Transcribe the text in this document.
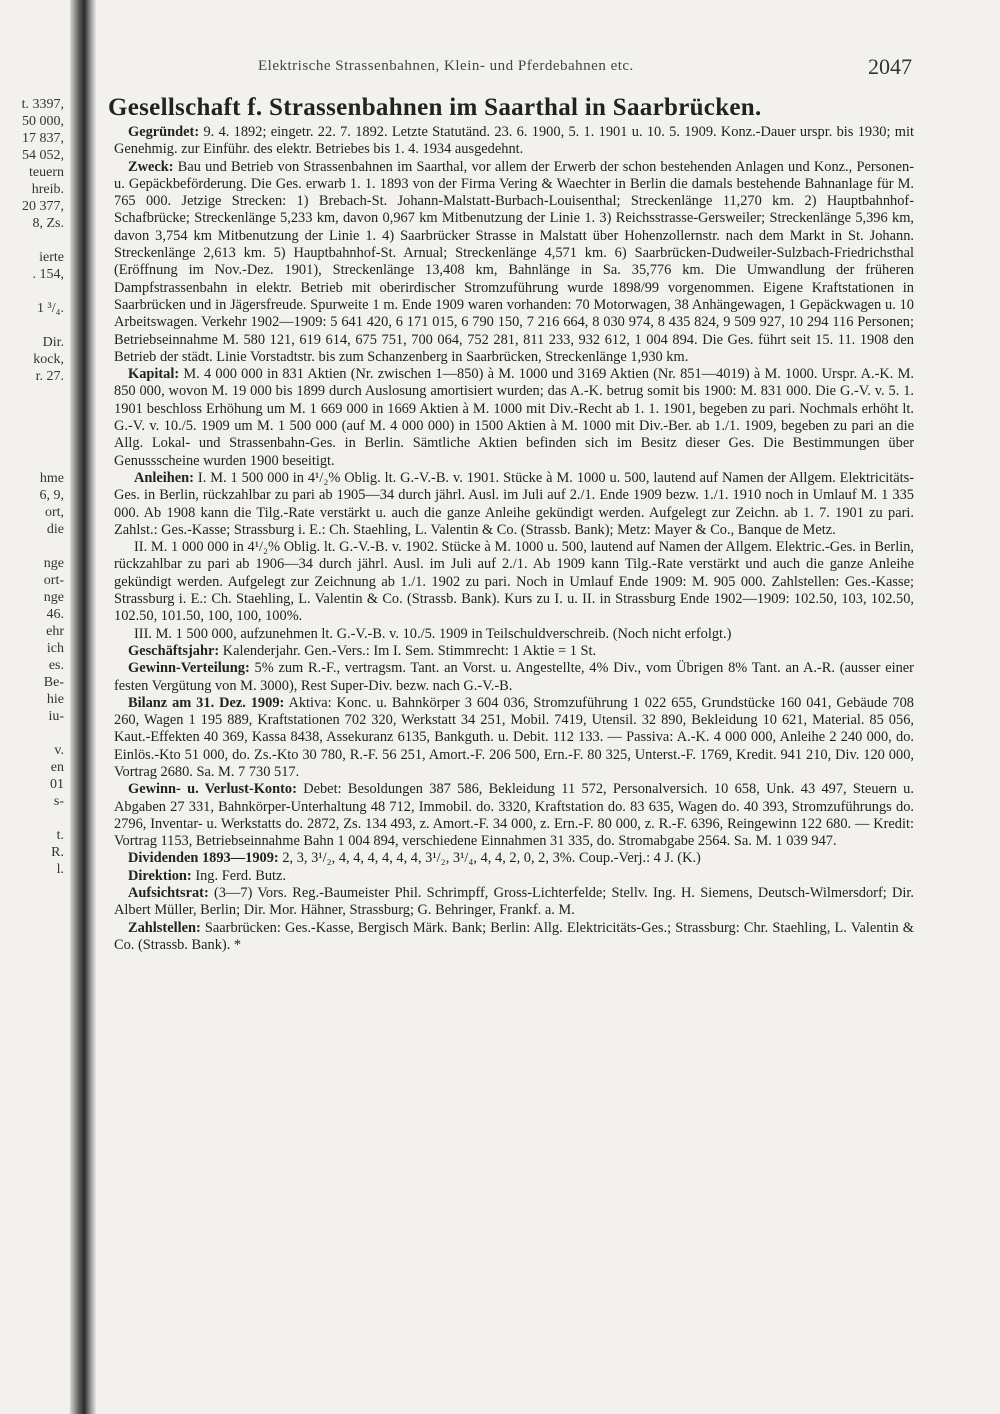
t. 3397,
50 000,
17 837,
54 052,
teuern
hreib.
20 377,
8, Zs.

ierte
. 154,

1 ³/₄.

Dir.
kock,
r. 27.

hme
6, 9,
ort,
die

nge
ort-
nge
46.
ehr
ich
es.
Be-
hie
iu-

v.
en
01
s-

t.
R.
l.
Elektrische Strassenbahnen, Klein- und Pferdebahnen etc.	2047
Gesellschaft f. Strassenbahnen im Saarthal in Saarbrücken.

Gegründet: 9. 4. 1892; eingetr. 22. 7. 1892. Letzte Statutänd. 23. 6. 1900, 5. 1. 1901 u. 10. 5. 1909. Konz.-Dauer urspr. bis 1930; mit Genehmig. zur Einführ. des elektr. Betriebes bis 1. 4. 1934 ausgedehnt.

Zweck: Bau und Betrieb von Strassenbahnen im Saarthal, vor allem der Erwerb der schon bestehenden Anlagen und Konz., Personen- u. Gepäckbeförderung. Die Ges. erwarb 1. 1. 1893 von der Firma Vering & Waechter in Berlin die damals bestehende Bahnanlage für M. 765 000. Jetzige Strecken: 1) Brebach-St. Johann-Malstatt-Burbach-Louisenthal; Streckenlänge 11,270 km. 2) Hauptbahnhof-Schafbrücke; Streckenlänge 5,233 km, davon 0,967 km Mitbenutzung der Linie 1. 3) Reichsstrasse-Gersweiler; Streckenlänge 5,396 km, davon 3,754 km Mitbenutzung der Linie 1. 4) Saarbrücker Strasse in Malstatt über Hohenzollernstr. nach dem Markt in St. Johann. Streckenlänge 2,613 km. 5) Hauptbahnhof-St. Arnual; Streckenlänge 4,571 km. 6) Saarbrücken-Dudweiler-Sulzbach-Friedrichsthal (Eröffnung im Nov.-Dez. 1901), Streckenlänge 13,408 km, Bahnlänge in Sa. 35,776 km. Die Umwandlung der früheren Dampfstrassenbahn in elektr. Betrieb mit oberirdischer Stromzuführung wurde 1898/99 vorgenommen. Eigene Kraftstationen in Saarbrücken und in Jägersfreude. Spurweite 1 m. Ende 1909 waren vorhanden: 70 Motorwagen, 38 Anhängewagen, 1 Gepäckwagen u. 10 Arbeitswagen. Verkehr 1902—1909: 5 641 420, 6 171 015, 6 790 150, 7 216 664, 8 030 974, 8 435 824, 9 509 927, 10 294 116 Personen; Betriebseinnahme M. 580 121, 619 614, 675 751, 700 064, 752 281, 811 233, 932 612, 1 004 894. Die Ges. führt seit 15. 11. 1908 den Betrieb der städt. Linie Vorstadtstr. bis zum Schanzenberg in Saarbrücken, Streckenlänge 1,930 km.

Kapital: M. 4 000 000 in 831 Aktien (Nr. zwischen 1—850) à M. 1000 und 3169 Aktien (Nr. 851—4019) à M. 1000. Urspr. A.-K. M. 850 000, wovon M. 19 000 bis 1899 durch Auslosung amortisiert wurden; das A.-K. betrug somit bis 1900: M. 831 000. Die G.-V. v. 5. 1. 1901 beschloss Erhöhung um M. 1 669 000 in 1669 Aktien à M. 1000 mit Div.-Recht ab 1. 1. 1901, begeben zu pari. Nochmals erhöht lt. G.-V. v. 10./5. 1909 um M. 1 500 000 (auf M. 4 000 000) in 1500 Aktien à M. 1000 mit Div.-Ber. ab 1./1. 1909, begeben zu pari an die Allg. Lokal- und Strassenbahn-Ges. in Berlin. Sämtliche Aktien befinden sich im Besitz dieser Ges. Die Bestimmungen über Genussscheine wurden 1900 beseitigt.

Anleihen: I. M. 1 500 000 in 4¹/₂% Oblig. lt. G.-V.-B. v. 1901. Stücke à M. 1000 u. 500, lautend auf Namen der Allgem. Elektricitäts-Ges. in Berlin, rückzahlbar zu pari ab 1905—34 durch jährl. Ausl. im Juli auf 2./1. Ende 1909 bezw. 1./1. 1910 noch in Umlauf M. 1 335 000. Ab 1908 kann die Tilg.-Rate verstärkt u. auch die ganze Anleihe gekündigt werden. Aufgelegt zur Zeichn. ab 1. 7. 1901 zu pari. Zahlst.: Ges.-Kasse; Strassburg i. E.: Ch. Staehling, L. Valentin & Co. (Strassb. Bank); Metz: Mayer & Co., Banque de Metz.

II. M. 1 000 000 in 4¹/₂% Oblig. lt. G.-V.-B. v. 1902. Stücke à M. 1000 u. 500, lautend auf Namen der Allgem. Elektric.-Ges. in Berlin, rückzahlbar zu pari ab 1906—34 durch jährl. Ausl. im Juli auf 2./1. Ab 1909 kann Tilg.-Rate verstärkt und auch die ganze Anleihe gekündigt werden. Aufgelegt zur Zeichnung ab 1./1. 1902 zu pari. Noch in Umlauf Ende 1909: M. 905 000. Zahlstellen: Ges.-Kasse; Strassburg i. E.: Ch. Staehling, L. Valentin & Co. (Strassb. Bank). Kurs zu I. u. II. in Strassburg Ende 1902—1909: 102.50, 103, 102.50, 102.50, 101.50, 100, 100, 100%.

III. M. 1 500 000, aufzunehmen lt. G.-V.-B. v. 10./5. 1909 in Teilschuldverschreib. (Noch nicht erfolgt.)

Geschäftsjahr: Kalenderjahr. Gen.-Vers.: Im I. Sem. Stimmrecht: 1 Aktie = 1 St.

Gewinn-Verteilung: 5% zum R.-F., vertragsm. Tant. an Vorst. u. Angestellte, 4% Div., vom Übrigen 8% Tant. an A.-R. (ausser einer festen Vergütung von M. 3000), Rest Super-Div. bezw. nach G.-V.-B.

Bilanz am 31. Dez. 1909: Aktiva: Konc. u. Bahnkörper 3 604 036, Stromzuführung 1 022 655, Grundstücke 160 041, Gebäude 708 260, Wagen 1 195 889, Kraftstationen 702 320, Werkstatt 34 251, Mobil. 7419, Utensil. 32 890, Bekleidung 10 621, Material. 85 056, Kaut.-Effekten 40 369, Kassa 8438, Assekuranz 6135, Bankguth. u. Debit. 112 133. — Passiva: A.-K. 4 000 000, Anleihe 2 240 000, do. Einlös.-Kto 51 000, do. Zs.-Kto 30 780, R.-F. 56 251, Amort.-F. 206 500, Ern.-F. 80 325, Unterst.-F. 1769, Kredit. 941 210, Div. 120 000, Vortrag 2680. Sa. M. 7 730 517.

Gewinn- u. Verlust-Konto: Debet: Besoldungen 387 586, Bekleidung 11 572, Personalversich. 10 658, Unk. 43 497, Steuern u. Abgaben 27 331, Bahnkörper-Unterhaltung 48 712, Immobil. do. 3320, Kraftstation do. 83 635, Wagen do. 40 393, Stromzuführungs do. 2796, Inventar- u. Werkstatts do. 2872, Zs. 134 493, z. Amort.-F. 34 000, z. Ern.-F. 80 000, z. R.-F. 6396, Reingewinn 122 680. — Kredit: Vortrag 1153, Betriebseinnahme Bahn 1 004 894, verschiedene Einnahmen 31 335, do. Stromabgabe 2564. Sa. M. 1 039 947.

Dividenden 1893—1909: 2, 3, 3¹/₂, 4, 4, 4, 4, 4, 4, 3¹/₂, 3¹/₄, 4, 4, 2, 0, 2, 3%. Coup.-Verj.: 4 J. (K.)

Direktion: Ing. Ferd. Butz.

Aufsichtsrat: (3—7) Vors. Reg.-Baumeister Phil. Schrimpff, Gross-Lichterfelde; Stellv. Ing. H. Siemens, Deutsch-Wilmersdorf; Dir. Albert Müller, Berlin; Dir. Mor. Hähner, Strassburg; G. Behringer, Frankf. a. M.

Zahlstellen: Saarbrücken: Ges.-Kasse, Bergisch Märk. Bank; Berlin: Allg. Elektricitäts-Ges.; Strassburg: Chr. Staehling, L. Valentin & Co. (Strassb. Bank). *
